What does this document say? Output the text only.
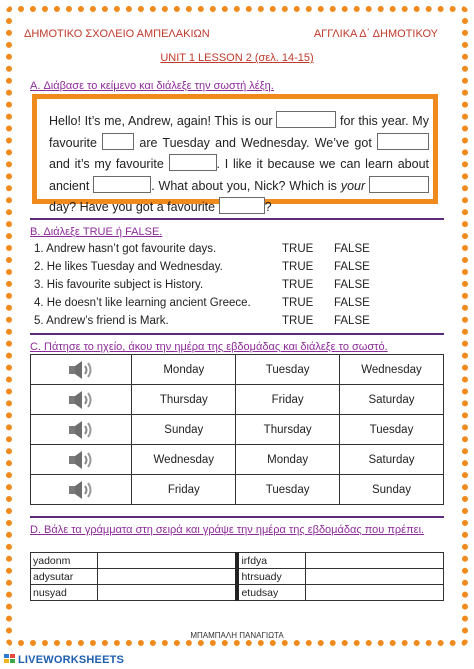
ΔΗΜΟΤΙΚΟ ΣΧΟΛΕΙΟ ΑΜΠΕΛΑΚΙΩΝ	ΑΓΓΛΙΚΑ Δ΄ ΔΗΜΟΤΙΚΟΥ
UNIT 1 LESSON 2 (σελ. 14-15)
A. Διάβασε το κείμενο και διάλεξε την σωστή λέξη.
Hello! It’s me, Andrew, again! This is our	for this year. My favourite	are Tuesday and Wednesday. We’ve got  and it’s my favourite	. I like it because we can learn about ancient	. What about you, Nick? Which is your day? Have you got a favourite	?
B. Διάλεξε TRUE ή FALSE.
1. Andrew hasn’t got favourite days.	TRUE FALSE
2. He likes Tuesday and Wednesday.	TRUE FALSE
3. His favourite subject is History.	TRUE FALSE
4. He doesn’t like learning ancient Greece.	TRUE FALSE
5. Andrew’s friend is Mark.	TRUE FALSE
C. Πάτησε το ηχείο, άκου την ημέρα της εβδομάδας και διάλεξε το σωστό.
	Monday	Tuesday	Wednesday
	Thursday	Friday	Saturday
	Sunday	Thursday	Tuesday
	Wednesday	Monday	Saturday
	Friday	Tuesday	Sunday
D. Βάλε τα γράμματα στη σειρά και γράψε την ημέρα της εβδομάδας που πρέπει.
yadonm			irfdya	
adysutar			htrsuady	
nusyad			etudsay	
ΜΠΑΜΠΑΛΗ ΠΑΝΑΓΙΩΤΑ
LIVEWORKSHEETS
